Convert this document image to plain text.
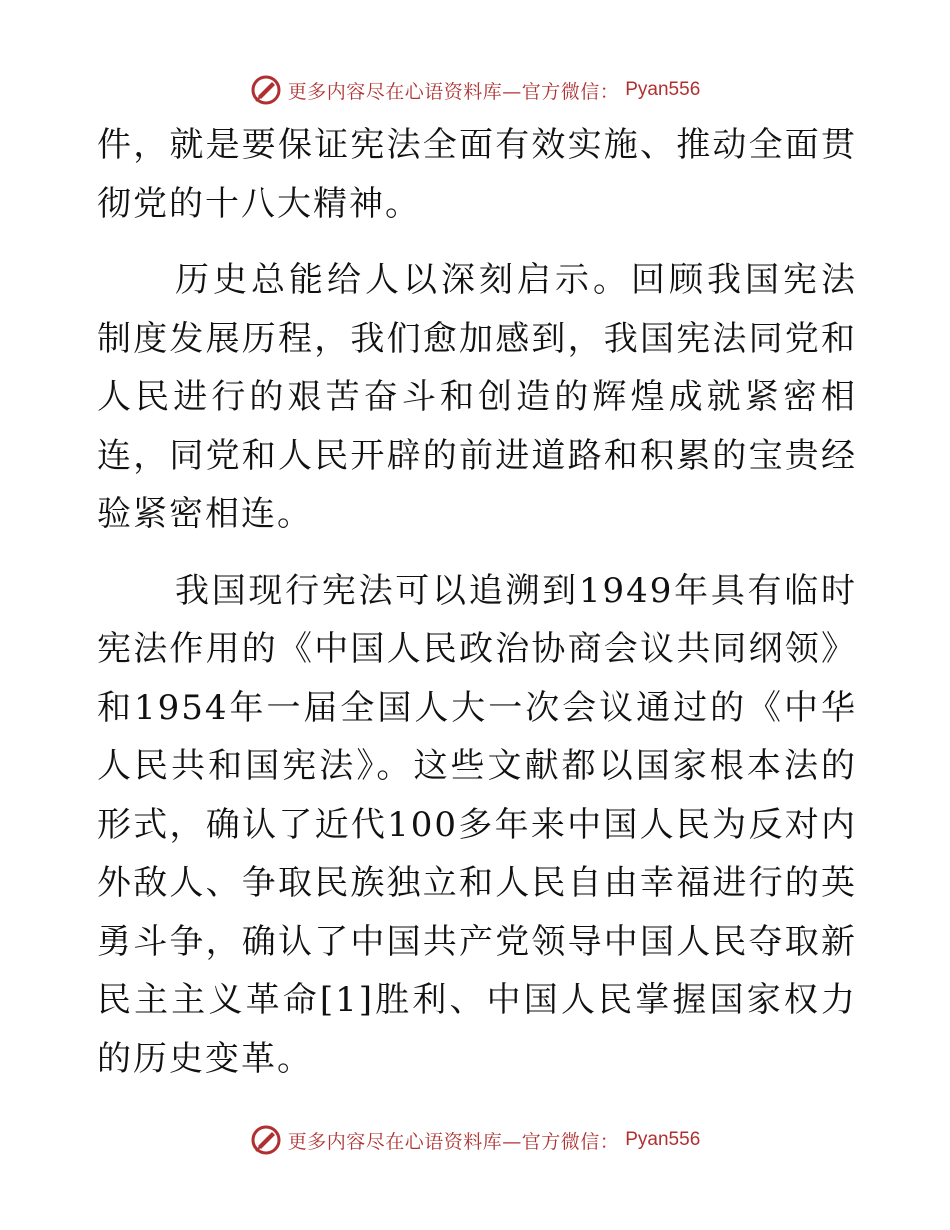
更多内容尽在心语资料库—官方微信： Pyan556

件，就是要保证宪法全面有效实施、推动全面贯彻党的十八大精神。

历史总能给人以深刻启示。回顾我国宪法制度发展历程，我们愈加感到，我国宪法同党和人民进行的艰苦奋斗和创造的辉煌成就紧密相连，同党和人民开辟的前进道路和积累的宝贵经验紧密相连。

我国现行宪法可以追溯到1949年具有临时宪法作用的《中国人民政治协商会议共同纲领》和1954年一届全国人大一次会议通过的《中华人民共和国宪法》。这些文献都以国家根本法的形式，确认了近代100多年来中国人民为反对内外敌人、争取民族独立和人民自由幸福进行的英勇斗争，确认了中国共产党领导中国人民夺取新民主主义革命[1]胜利、中国人民掌握国家权力的历史变革。

更多内容尽在心语资料库—官方微信： Pyan556
